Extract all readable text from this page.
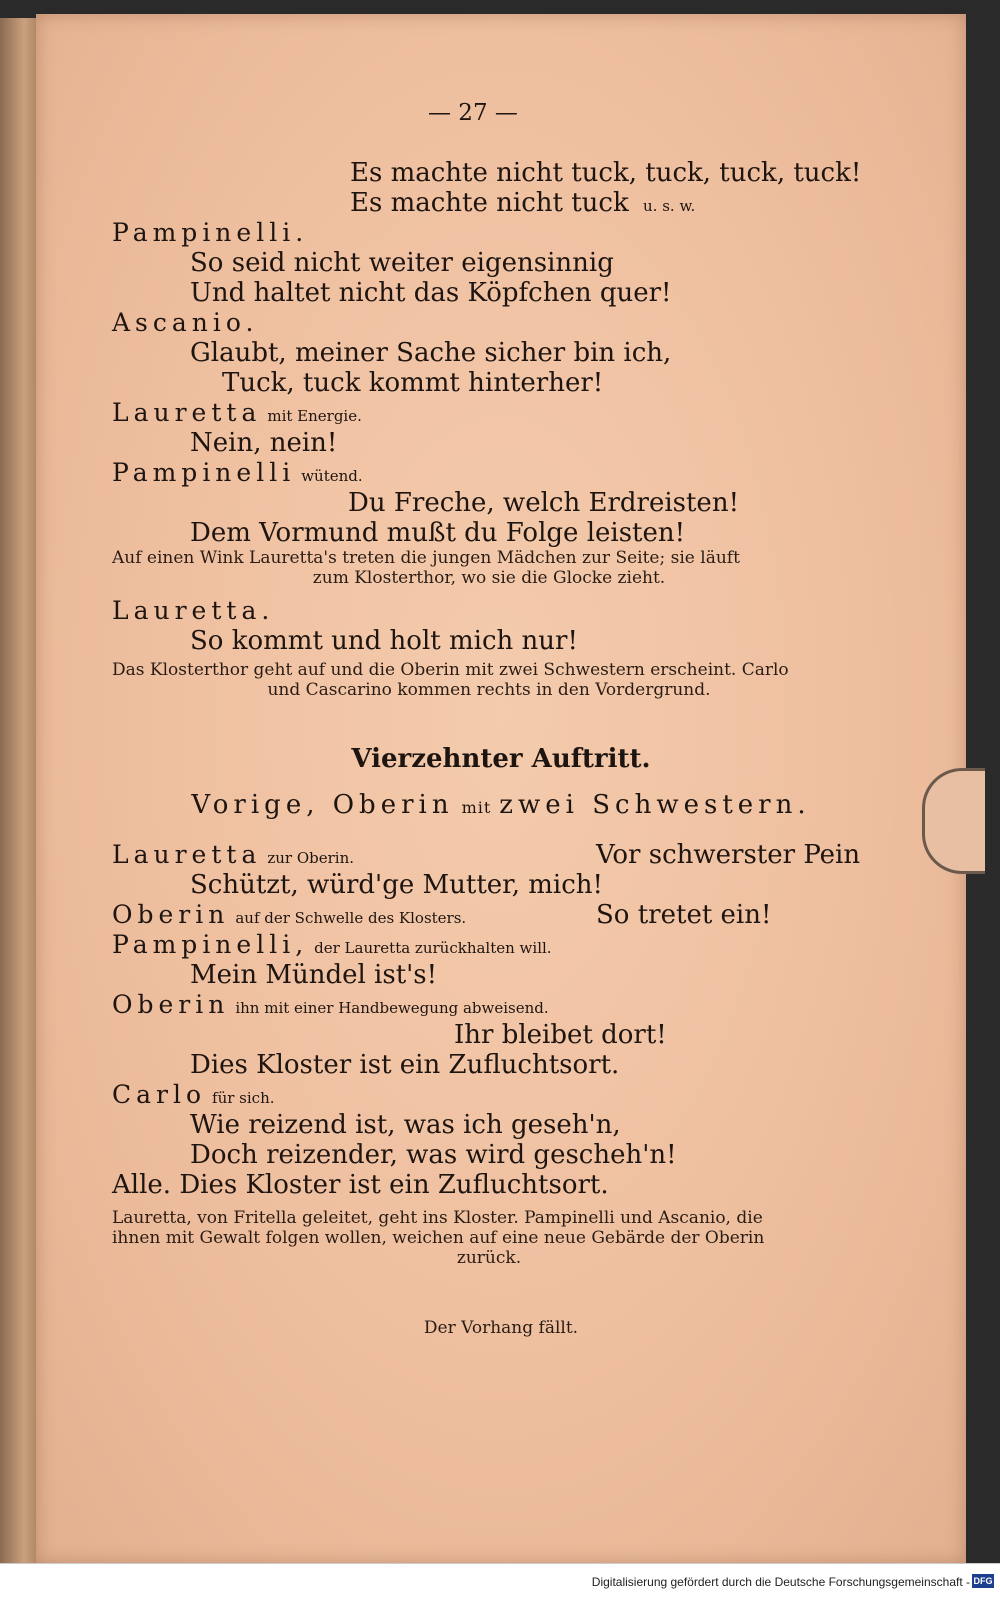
— 27 —
Es machte nicht tuck, tuck, tuck, tuck!
Es machte nicht tuck u. s. w.
Pampinelli.
So seid nicht weiter eigensinnig
Und haltet nicht das Köpfchen quer!
Ascanio.
Glaubt, meiner Sache sicher bin ich,
Tuck, tuck kommt hinterher!
Lauretta mit Energie.
Nein, nein!
Pampinelli wütend.
Du Freche, welch Erdreisten!
Dem Vormund mußt du Folge leisten!
Auf einen Wink Lauretta's treten die jungen Mädchen zur Seite; sie läuft
zum Klosterthor, wo sie die Glocke zieht.
Lauretta.
So kommt und holt mich nur!
Das Klosterthor geht auf und die Oberin mit zwei Schwestern erscheint. Carlo
und Cascarino kommen rechts in den Vordergrund.
Vierzehnter Auftritt.
Vorige, Oberin mit zwei Schwestern.
Lauretta zur Oberin.	Vor schwerster Pein
Schützt, würd'ge Mutter, mich!
Oberin auf der Schwelle des Klosters.	So tretet ein!
Pampinelli, der Lauretta zurückhalten will.
Mein Mündel ist's!
Oberin ihn mit einer Handbewegung abweisend.
Ihr bleibet dort!
Dies Kloster ist ein Zufluchtsort.
Carlo für sich.
Wie reizend ist, was ich geseh'n,
Doch reizender, was wird gescheh'n!
Alle. Dies Kloster ist ein Zufluchtsort.
Lauretta, von Fritella geleitet, geht ins Kloster. Pampinelli und Ascanio, die
ihnen mit Gewalt folgen wollen, weichen auf eine neue Gebärde der Oberin
zurück.
Der Vorhang fällt.
Digitalisierung gefördert durch die Deutsche Forschungsgemeinschaft - DFG
